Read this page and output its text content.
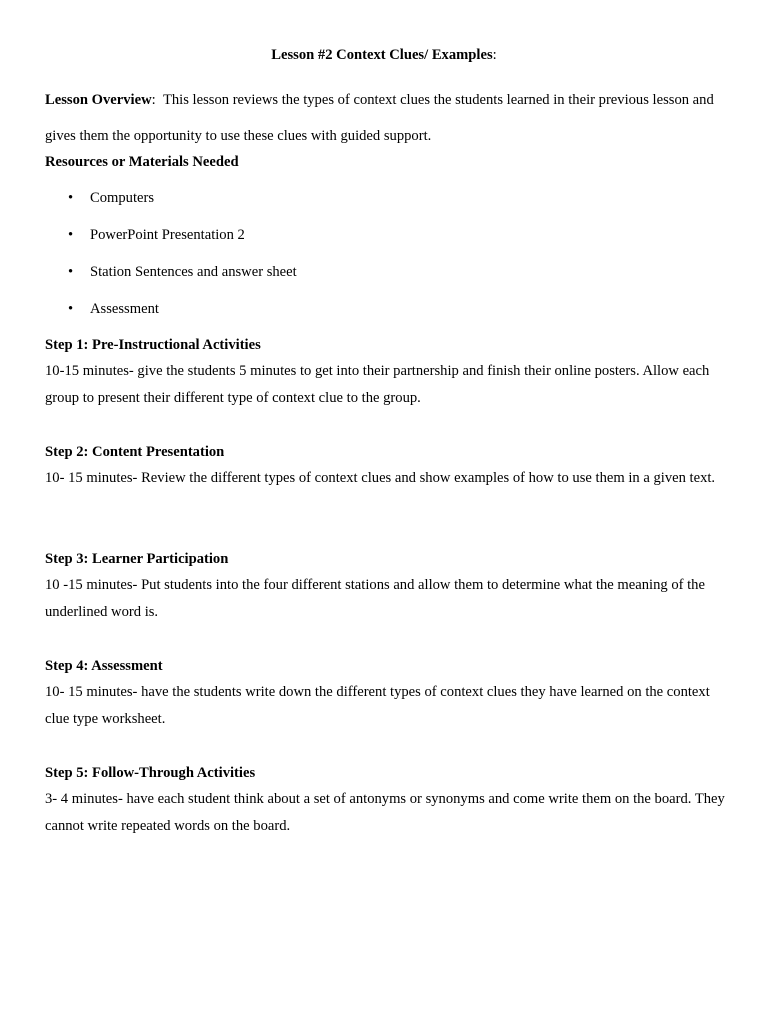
Lesson #2 Context Clues/ Examples:
Lesson Overview: This lesson reviews the types of context clues the students learned in their previous lesson and gives them the opportunity to use these clues with guided support.
Resources or Materials Needed
• Computers
• PowerPoint Presentation 2
• Station Sentences and answer sheet
• Assessment
Step 1: Pre-Instructional Activities
10-15 minutes- give the students 5 minutes to get into their partnership and finish their online posters. Allow each group to present their different type of context clue to the group.
Step 2: Content Presentation
10- 15 minutes- Review the different types of context clues and show examples of how to use them in a given text.
Step 3: Learner Participation
10 -15 minutes- Put students into the four different stations and allow them to determine what the meaning of the underlined word is.
Step 4: Assessment
10- 15 minutes- have the students write down the different types of context clues they have learned on the context clue type worksheet.
Step 5: Follow-Through Activities
3- 4 minutes- have each student think about a set of antonyms or synonyms and come write them on the board. They cannot write repeated words on the board.
